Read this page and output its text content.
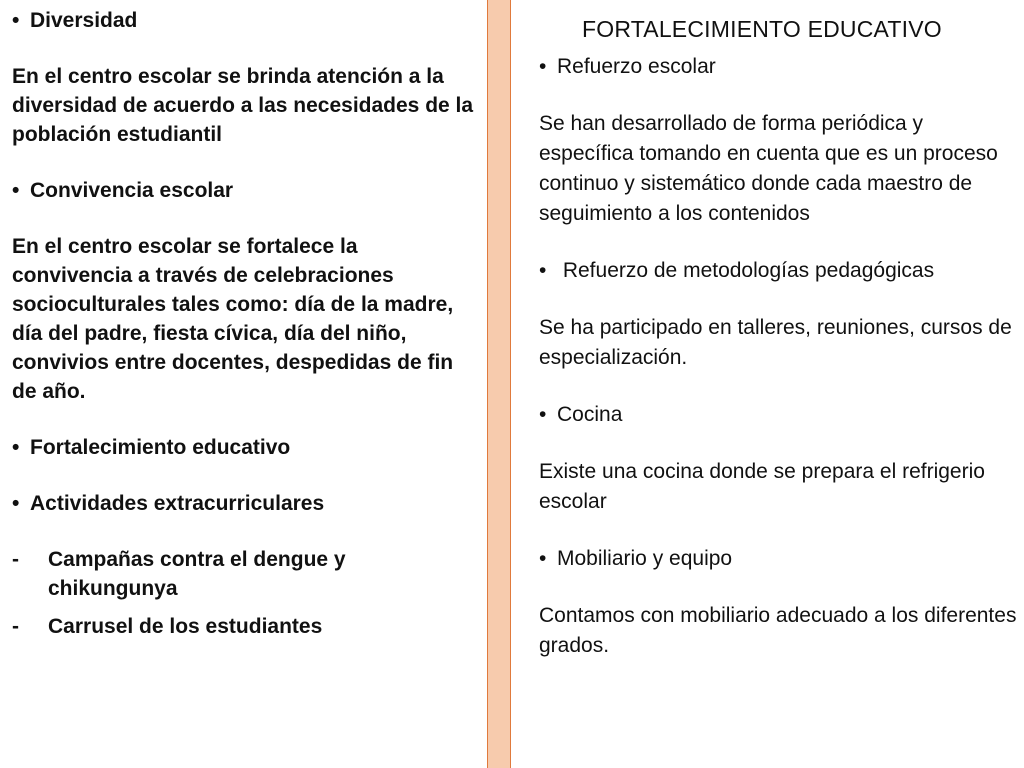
• Diversidad

En el centro escolar se brinda atención a la diversidad de acuerdo a las necesidades de la población estudiantil

• Convivencia escolar

En el centro escolar se fortalece la convivencia a través de celebraciones socioculturales tales como: día de la madre, día del padre, fiesta cívica, día del niño, convivios entre docentes, despedidas de fin de año.

• Fortalecimiento educativo
• Actividades extracurriculares
-	Campañas contra el dengue y chikungunya
-	Carrusel de los estudiantes
FORTALECIMIENTO EDUCATIVO
• Refuerzo escolar

Se han desarrollado de forma periódica y específica tomando en cuenta que es un proceso continuo y sistemático donde cada maestro de seguimiento a los contenidos

• Refuerzo de metodologías pedagógicas

Se ha participado en talleres, reuniones, cursos de especialización.

• Cocina

Existe una cocina donde se prepara el refrigerio escolar

• Mobiliario y equipo

Contamos con mobiliario adecuado a los diferentes grados.
